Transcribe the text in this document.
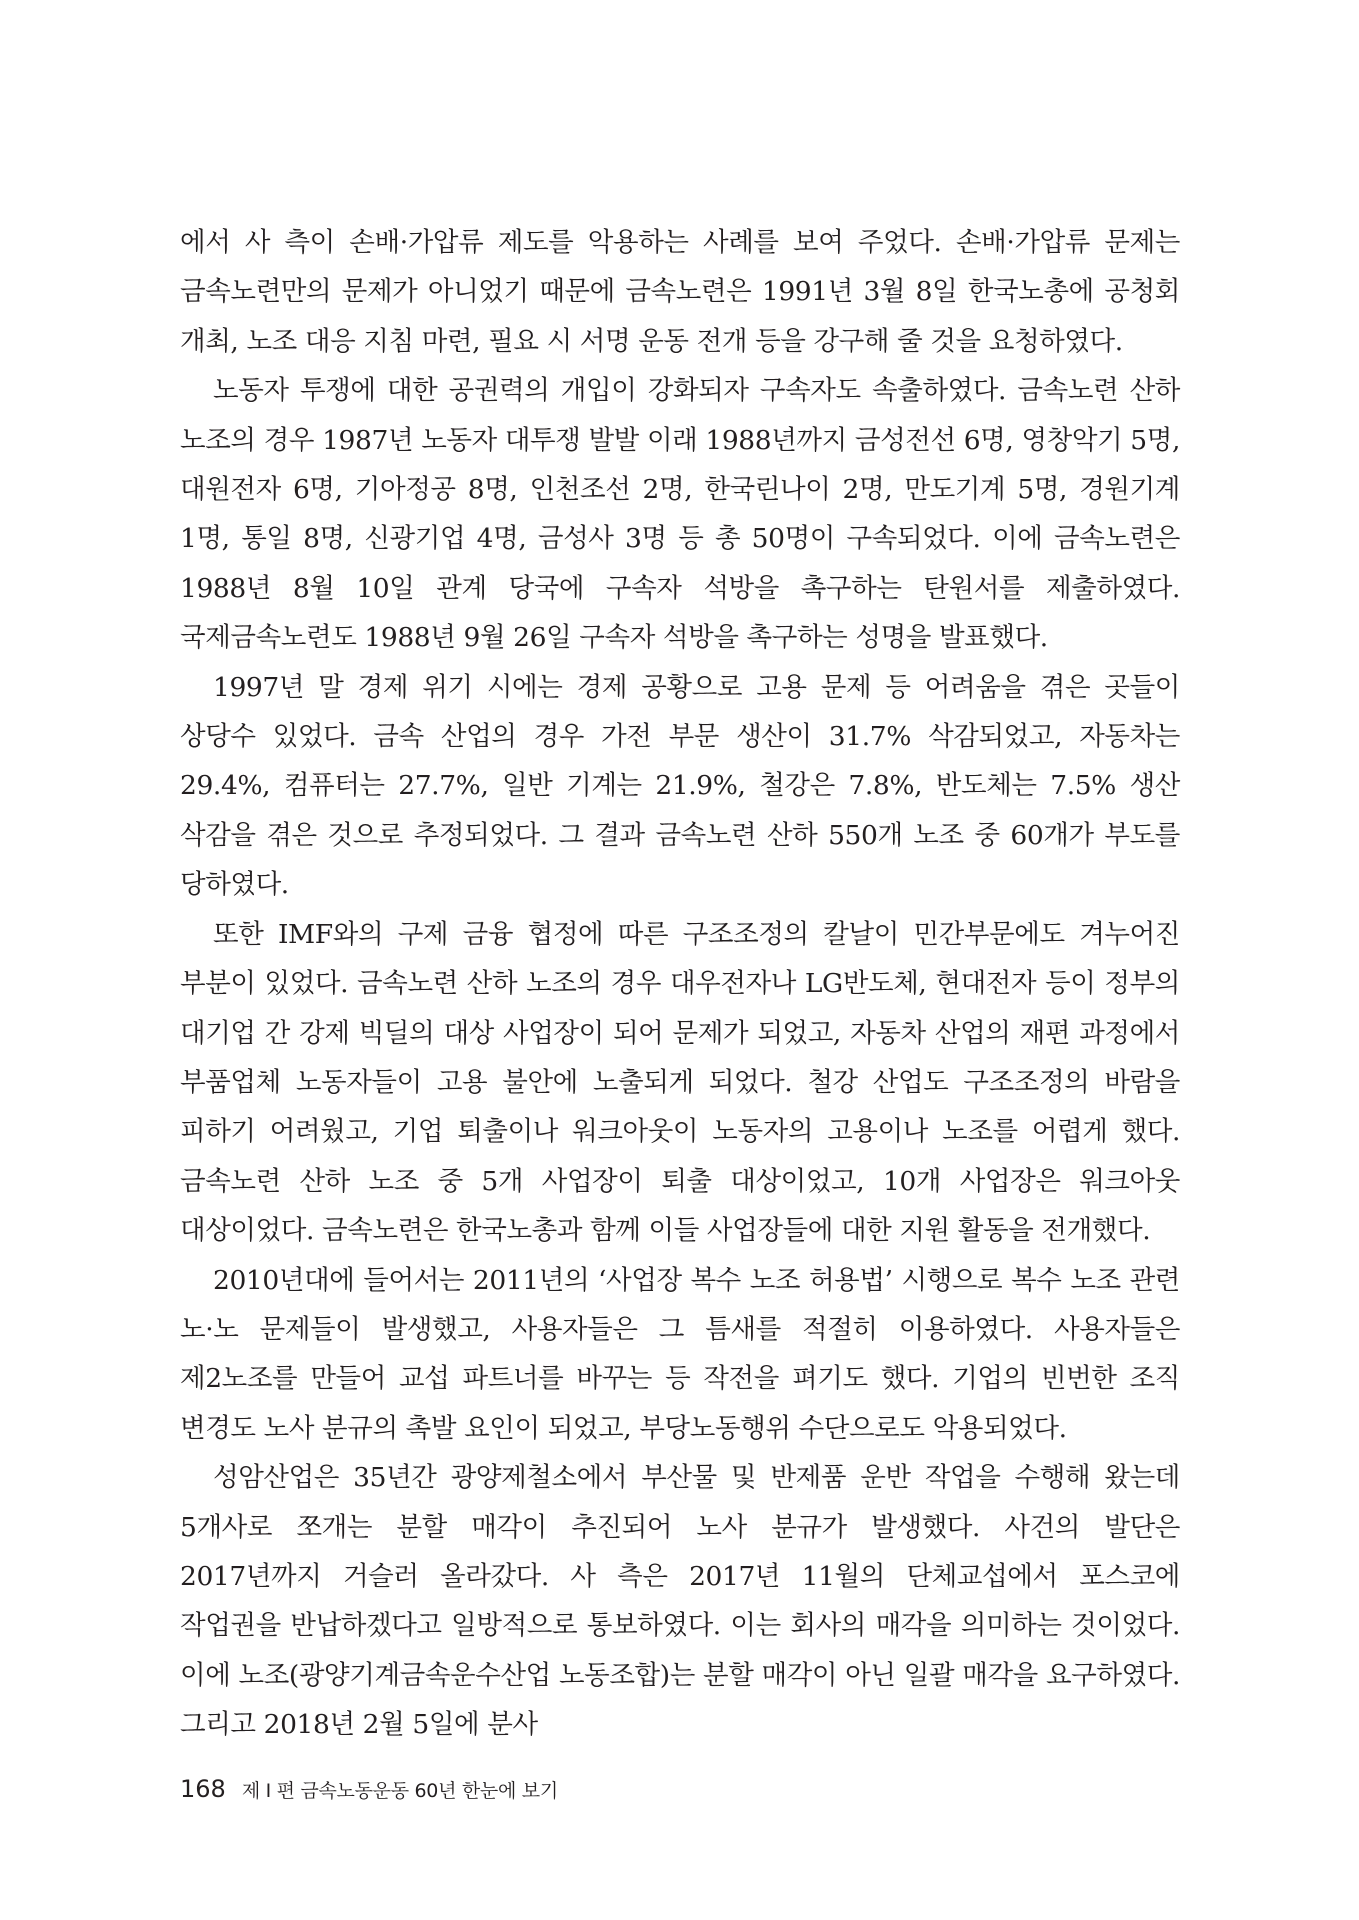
에서 사 측이 손배·가압류 제도를 악용하는 사례를 보여 주었다. 손배·가압류 문제는 금속노련만의 문제가 아니었기 때문에 금속노련은 1991년 3월 8일 한국노총에 공청회 개최, 노조 대응 지침 마련, 필요 시 서명 운동 전개 등을 강구해 줄 것을 요청하였다.

노동자 투쟁에 대한 공권력의 개입이 강화되자 구속자도 속출하였다. 금속노련 산하 노조의 경우 1987년 노동자 대투쟁 발발 이래 1988년까지 금성전선 6명, 영창악기 5명, 대원전자 6명, 기아정공 8명, 인천조선 2명, 한국린나이 2명, 만도기계 5명, 경원기계 1명, 통일 8명, 신광기업 4명, 금성사 3명 등 총 50명이 구속되었다. 이에 금속노련은 1988년 8월 10일 관계 당국에 구속자 석방을 촉구하는 탄원서를 제출하였다. 국제금속노련도 1988년 9월 26일 구속자 석방을 촉구하는 성명을 발표했다.

1997년 말 경제 위기 시에는 경제 공황으로 고용 문제 등 어려움을 겪은 곳들이 상당수 있었다. 금속 산업의 경우 가전 부문 생산이 31.7% 삭감되었고, 자동차는 29.4%, 컴퓨터는 27.7%, 일반 기계는 21.9%, 철강은 7.8%, 반도체는 7.5% 생산 삭감을 겪은 것으로 추정되었다. 그 결과 금속노련 산하 550개 노조 중 60개가 부도를 당하였다.

또한 IMF와의 구제 금융 협정에 따른 구조조정의 칼날이 민간부문에도 겨누어진 부분이 있었다. 금속노련 산하 노조의 경우 대우전자나 LG반도체, 현대전자 등이 정부의 대기업 간 강제 빅딜의 대상 사업장이 되어 문제가 되었고, 자동차 산업의 재편 과정에서 부품업체 노동자들이 고용 불안에 노출되게 되었다. 철강 산업도 구조조정의 바람을 피하기 어려웠고, 기업 퇴출이나 워크아웃이 노동자의 고용이나 노조를 어렵게 했다. 금속노련 산하 노조 중 5개 사업장이 퇴출 대상이었고, 10개 사업장은 워크아웃 대상이었다. 금속노련은 한국노총과 함께 이들 사업장들에 대한 지원 활동을 전개했다.

2010년대에 들어서는 2011년의 ‘사업장 복수 노조 허용법’ 시행으로 복수 노조 관련 노·노 문제들이 발생했고, 사용자들은 그 틈새를 적절히 이용하였다. 사용자들은 제2노조를 만들어 교섭 파트너를 바꾸는 등 작전을 펴기도 했다. 기업의 빈번한 조직 변경도 노사 분규의 촉발 요인이 되었고, 부당노동행위 수단으로도 악용되었다.

성암산업은 35년간 광양제철소에서 부산물 및 반제품 운반 작업을 수행해 왔는데 5개사로 쪼개는 분할 매각이 추진되어 노사 분규가 발생했다. 사건의 발단은 2017년까지 거슬러 올라갔다. 사 측은 2017년 11월의 단체교섭에서 포스코에 작업권을 반납하겠다고 일방적으로 통보하였다. 이는 회사의 매각을 의미하는 것이었다. 이에 노조(광양기계금속운수산업 노동조합)는 분할 매각이 아닌 일괄 매각을 요구하였다. 그리고 2018년 2월 5일에 분사

168 제 I 편 금속노동운동 60년 한눈에 보기
